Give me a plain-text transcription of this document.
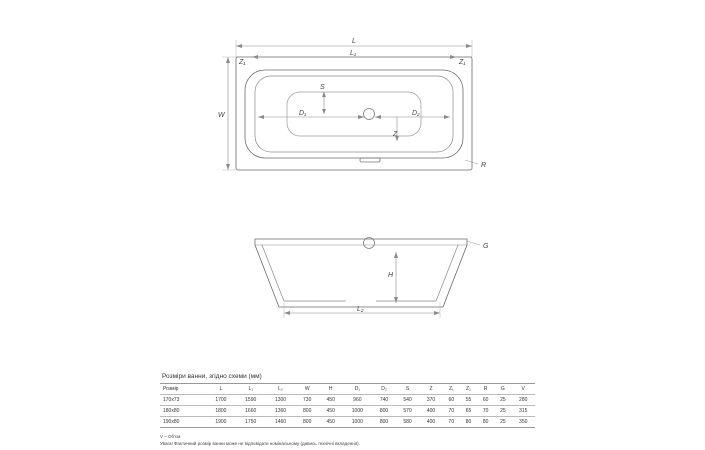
L
L₁
Z₁	Z₁
W
S
D₁	D₂
Z
R
H
L₂
G
Розміри ванни, згідно схеми (мм)
Розмір	L	L₁	L₂	W	H	D₁	D₂	S	Z	Z₁	Z₂	R	G	V
170x73	1700	1590	1300	730	450	960	740	540	370	60	55	60	25	280
180x80	1800	1660	1360	800	450	1000	800	570	400	70	65	70	25	315
190x80	1900	1750	1460	800	450	1000	800	580	400	70	80	80	25	350
V – Об'єм
Увага! Фактичний розмір ванни може не відповідати номінальному (дивись технічні вкладення).
